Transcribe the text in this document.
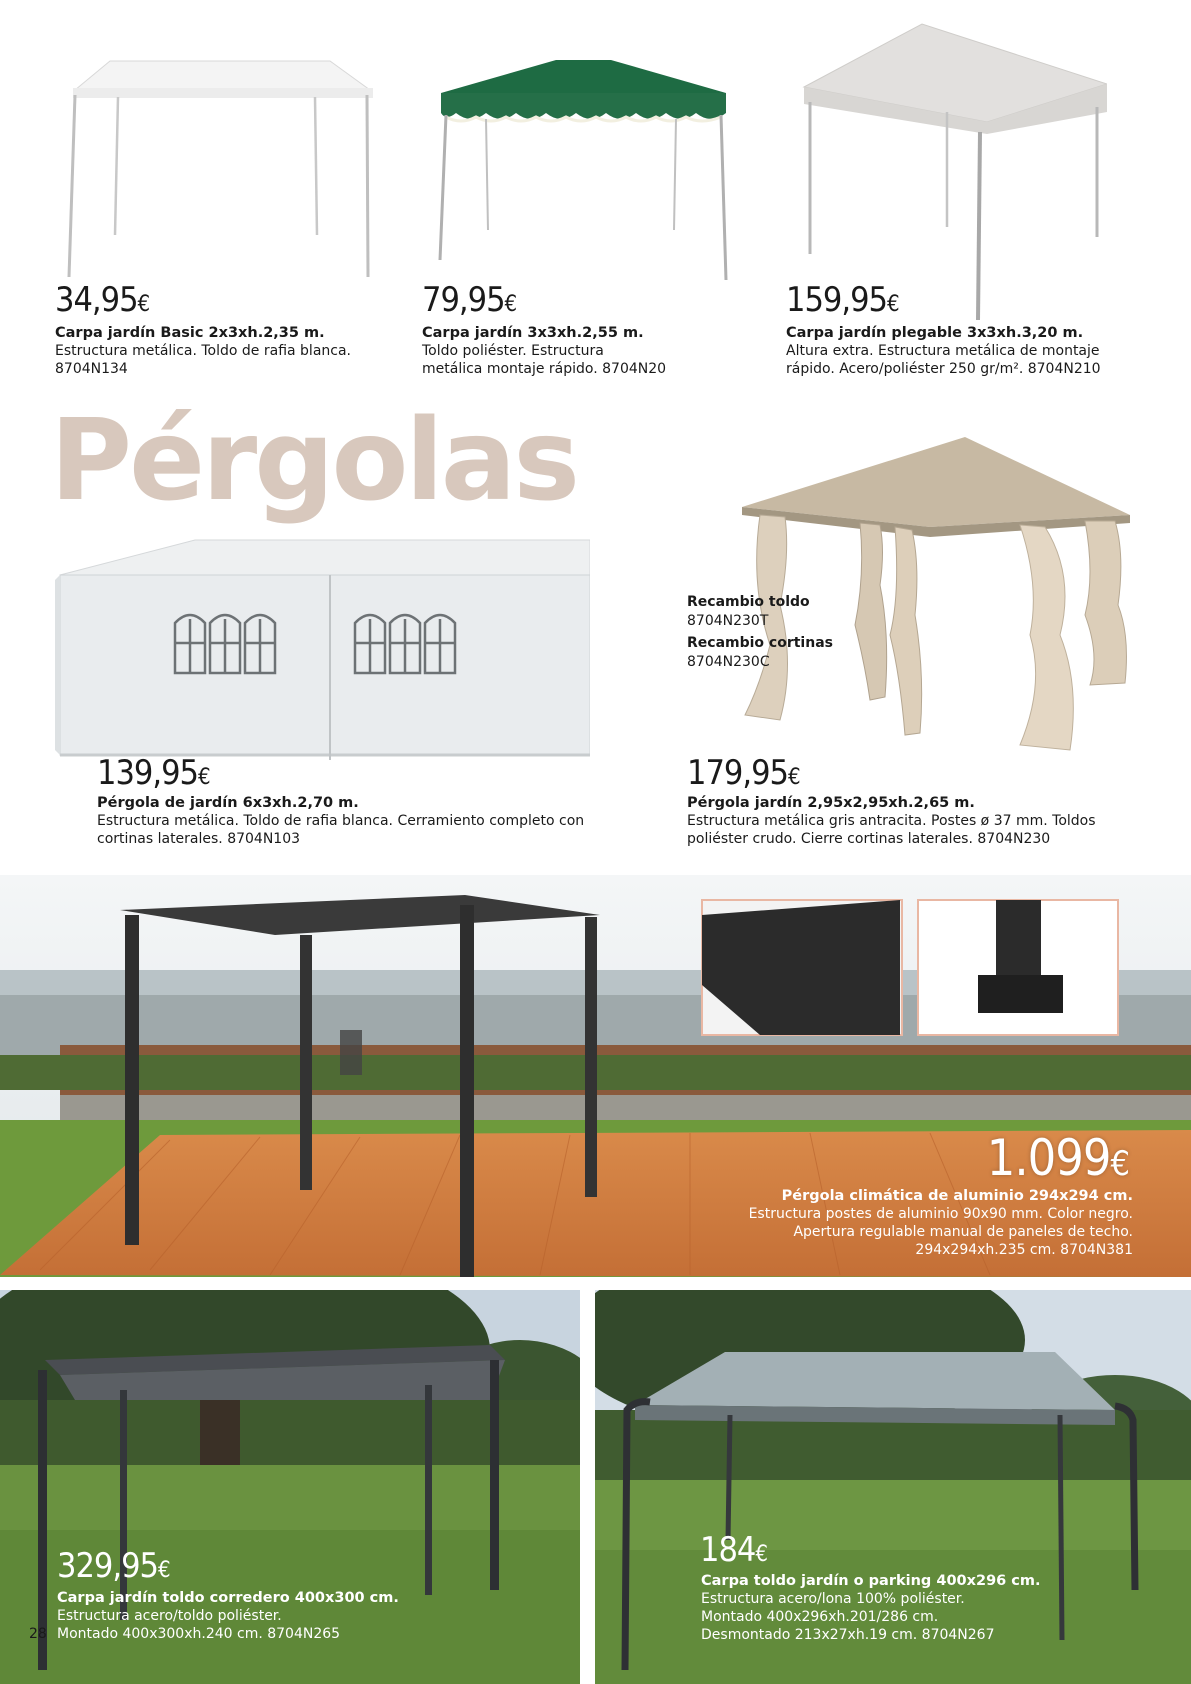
34,95€
Carpa jardín Basic 2x3xh.2,35 m.
Estructura metálica. Toldo de rafia blanca.
8704N134
79,95€
Carpa jardín 3x3xh.2,55 m.
Toldo poliéster. Estructura
metálica montaje rápido. 8704N20
159,95€
Carpa jardín plegable 3x3xh.3,20 m.
Altura extra. Estructura metálica de montaje
rápido. Acero/poliéster 250 gr/m². 8704N210
Pérgolas
Recambio toldo
8704N230T
Recambio cortinas
8704N230C
139,95€
Pérgola de jardín 6x3xh.2,70 m.
Estructura metálica. Toldo de rafia blanca. Cerramiento completo con
cortinas laterales. 8704N103
179,95€
Pérgola jardín 2,95x2,95xh.2,65 m.
Estructura metálica gris antracita. Postes ø 37 mm. Toldos
poliéster crudo. Cierre cortinas laterales. 8704N230
1.099€
Pérgola climática de aluminio 294x294 cm.
Estructura postes de aluminio 90x90 mm. Color negro.
Apertura regulable manual de paneles de techo.
294x294xh.235 cm. 8704N381
329,95€
Carpa jardín toldo corredero 400x300 cm.
Estructura acero/toldo poliéster.
Montado 400x300xh.240 cm. 8704N265
184€
Carpa toldo jardín o parking 400x296 cm.
Estructura acero/lona 100% poliéster.
Montado 400x296xh.201/286 cm.
Desmontado 213x27xh.19 cm. 8704N267
28
